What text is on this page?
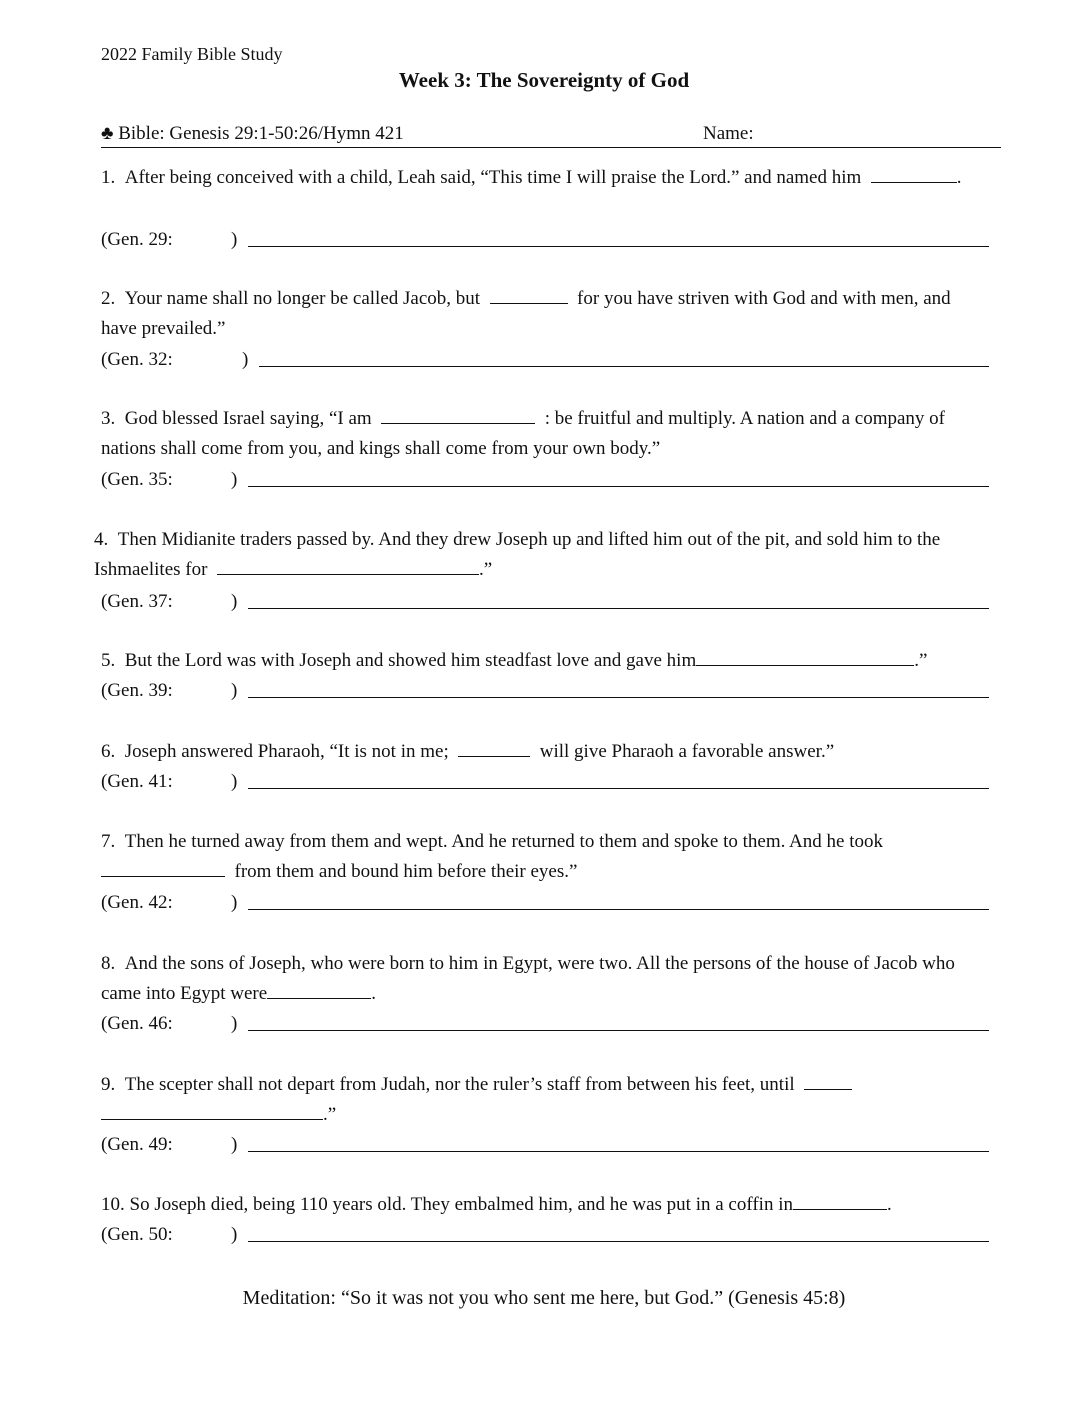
2022 Family Bible Study
Week 3: The Sovereignty of God
♣ Bible: Genesis 29:1-50:26/Hymn 421	Name:
1. After being conceived with a child, Leah said, “This time I will praise the Lord.” and named him	.
(Gen. 29:	)
2. Your name shall no longer be called Jacob, but	for you have striven with God and with men, and have prevailed.”
(Gen. 32:	)
3. God blessed Israel saying, “I am	: be fruitful and multiply. A nation and a company of nations shall come from you, and kings shall come from your own body.”
(Gen. 35:	)
4. Then Midianite traders passed by. And they drew Joseph up and lifted him out of the pit, and sold him to the Ishmaelites for	.”
(Gen. 37:	)
5. But the Lord was with Joseph and showed him steadfast love and gave him	.”
(Gen. 39:	)
6. Joseph answered Pharaoh, “It is not in me;	will give Pharaoh a favorable answer.”
(Gen. 41:	)
7. Then he turned away from them and wept. And he returned to them and spoke to them. And he took    from them and bound him before their eyes.”
(Gen. 42:	)
8. And the sons of Joseph, who were born to him in Egypt, were two. All the persons of the house of Jacob who came into Egypt were	.
(Gen. 46:	)
9. The scepter shall not depart from Judah, nor the ruler’s staff from between his feet, until
.”
(Gen. 49:	)
10. So Joseph died, being 110 years old. They embalmed him, and he was put in a coffin in	.
(Gen. 50:	)
Meditation: “So it was not you who sent me here, but God.” (Genesis 45:8)
